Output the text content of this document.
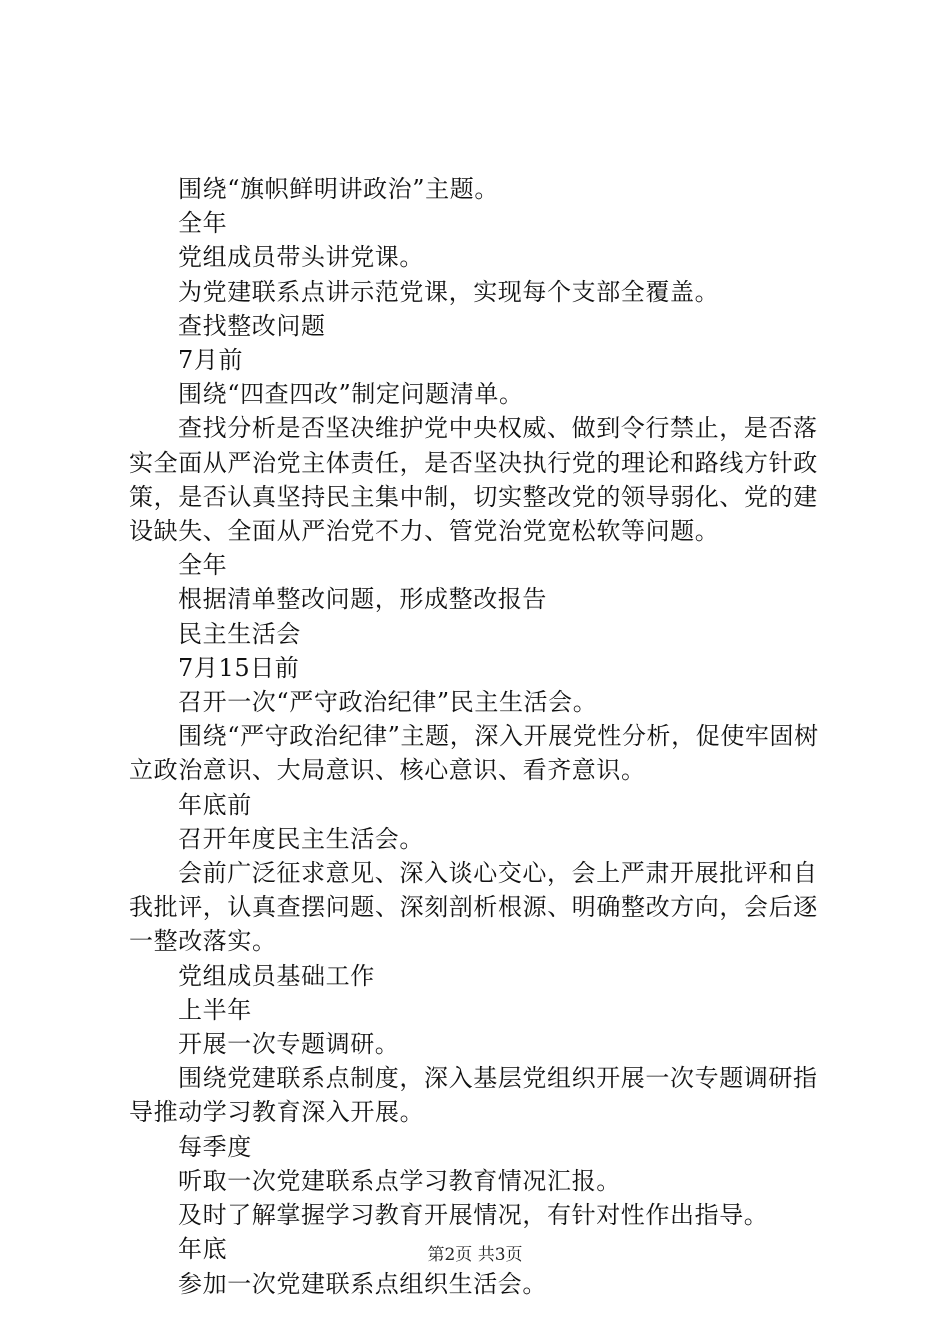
围绕“旗帜鲜明讲政治”主题。

全年

党组成员带头讲党课。

为党建联系点讲示范党课，实现每个支部全覆盖。

查找整改问题

7月前

围绕“四查四改”制定问题清单。

查找分析是否坚决维护党中央权威、做到令行禁止，是否落实全面从严治党主体责任，是否坚决执行党的理论和路线方针政策，是否认真坚持民主集中制，切实整改党的领导弱化、党的建设缺失、全面从严治党不力、管党治党宽松软等问题。

全年

根据清单整改问题，形成整改报告

民主生活会

7月15日前

召开一次“严守政治纪律”民主生活会。

围绕“严守政治纪律”主题，深入开展党性分析，促使牢固树立政治意识、大局意识、核心意识、看齐意识。

年底前

召开年度民主生活会。

会前广泛征求意见、深入谈心交心，会上严肃开展批评和自我批评，认真查摆问题、深刻剖析根源、明确整改方向，会后逐一整改落实。

党组成员基础工作

上半年

开展一次专题调研。

围绕党建联系点制度，深入基层党组织开展一次专题调研指导推动学习教育深入开展。

每季度

听取一次党建联系点学习教育情况汇报。

及时了解掌握学习教育开展情况，有针对性作出指导。

年底

参加一次党建联系点组织生活会。

第2页 共3页
